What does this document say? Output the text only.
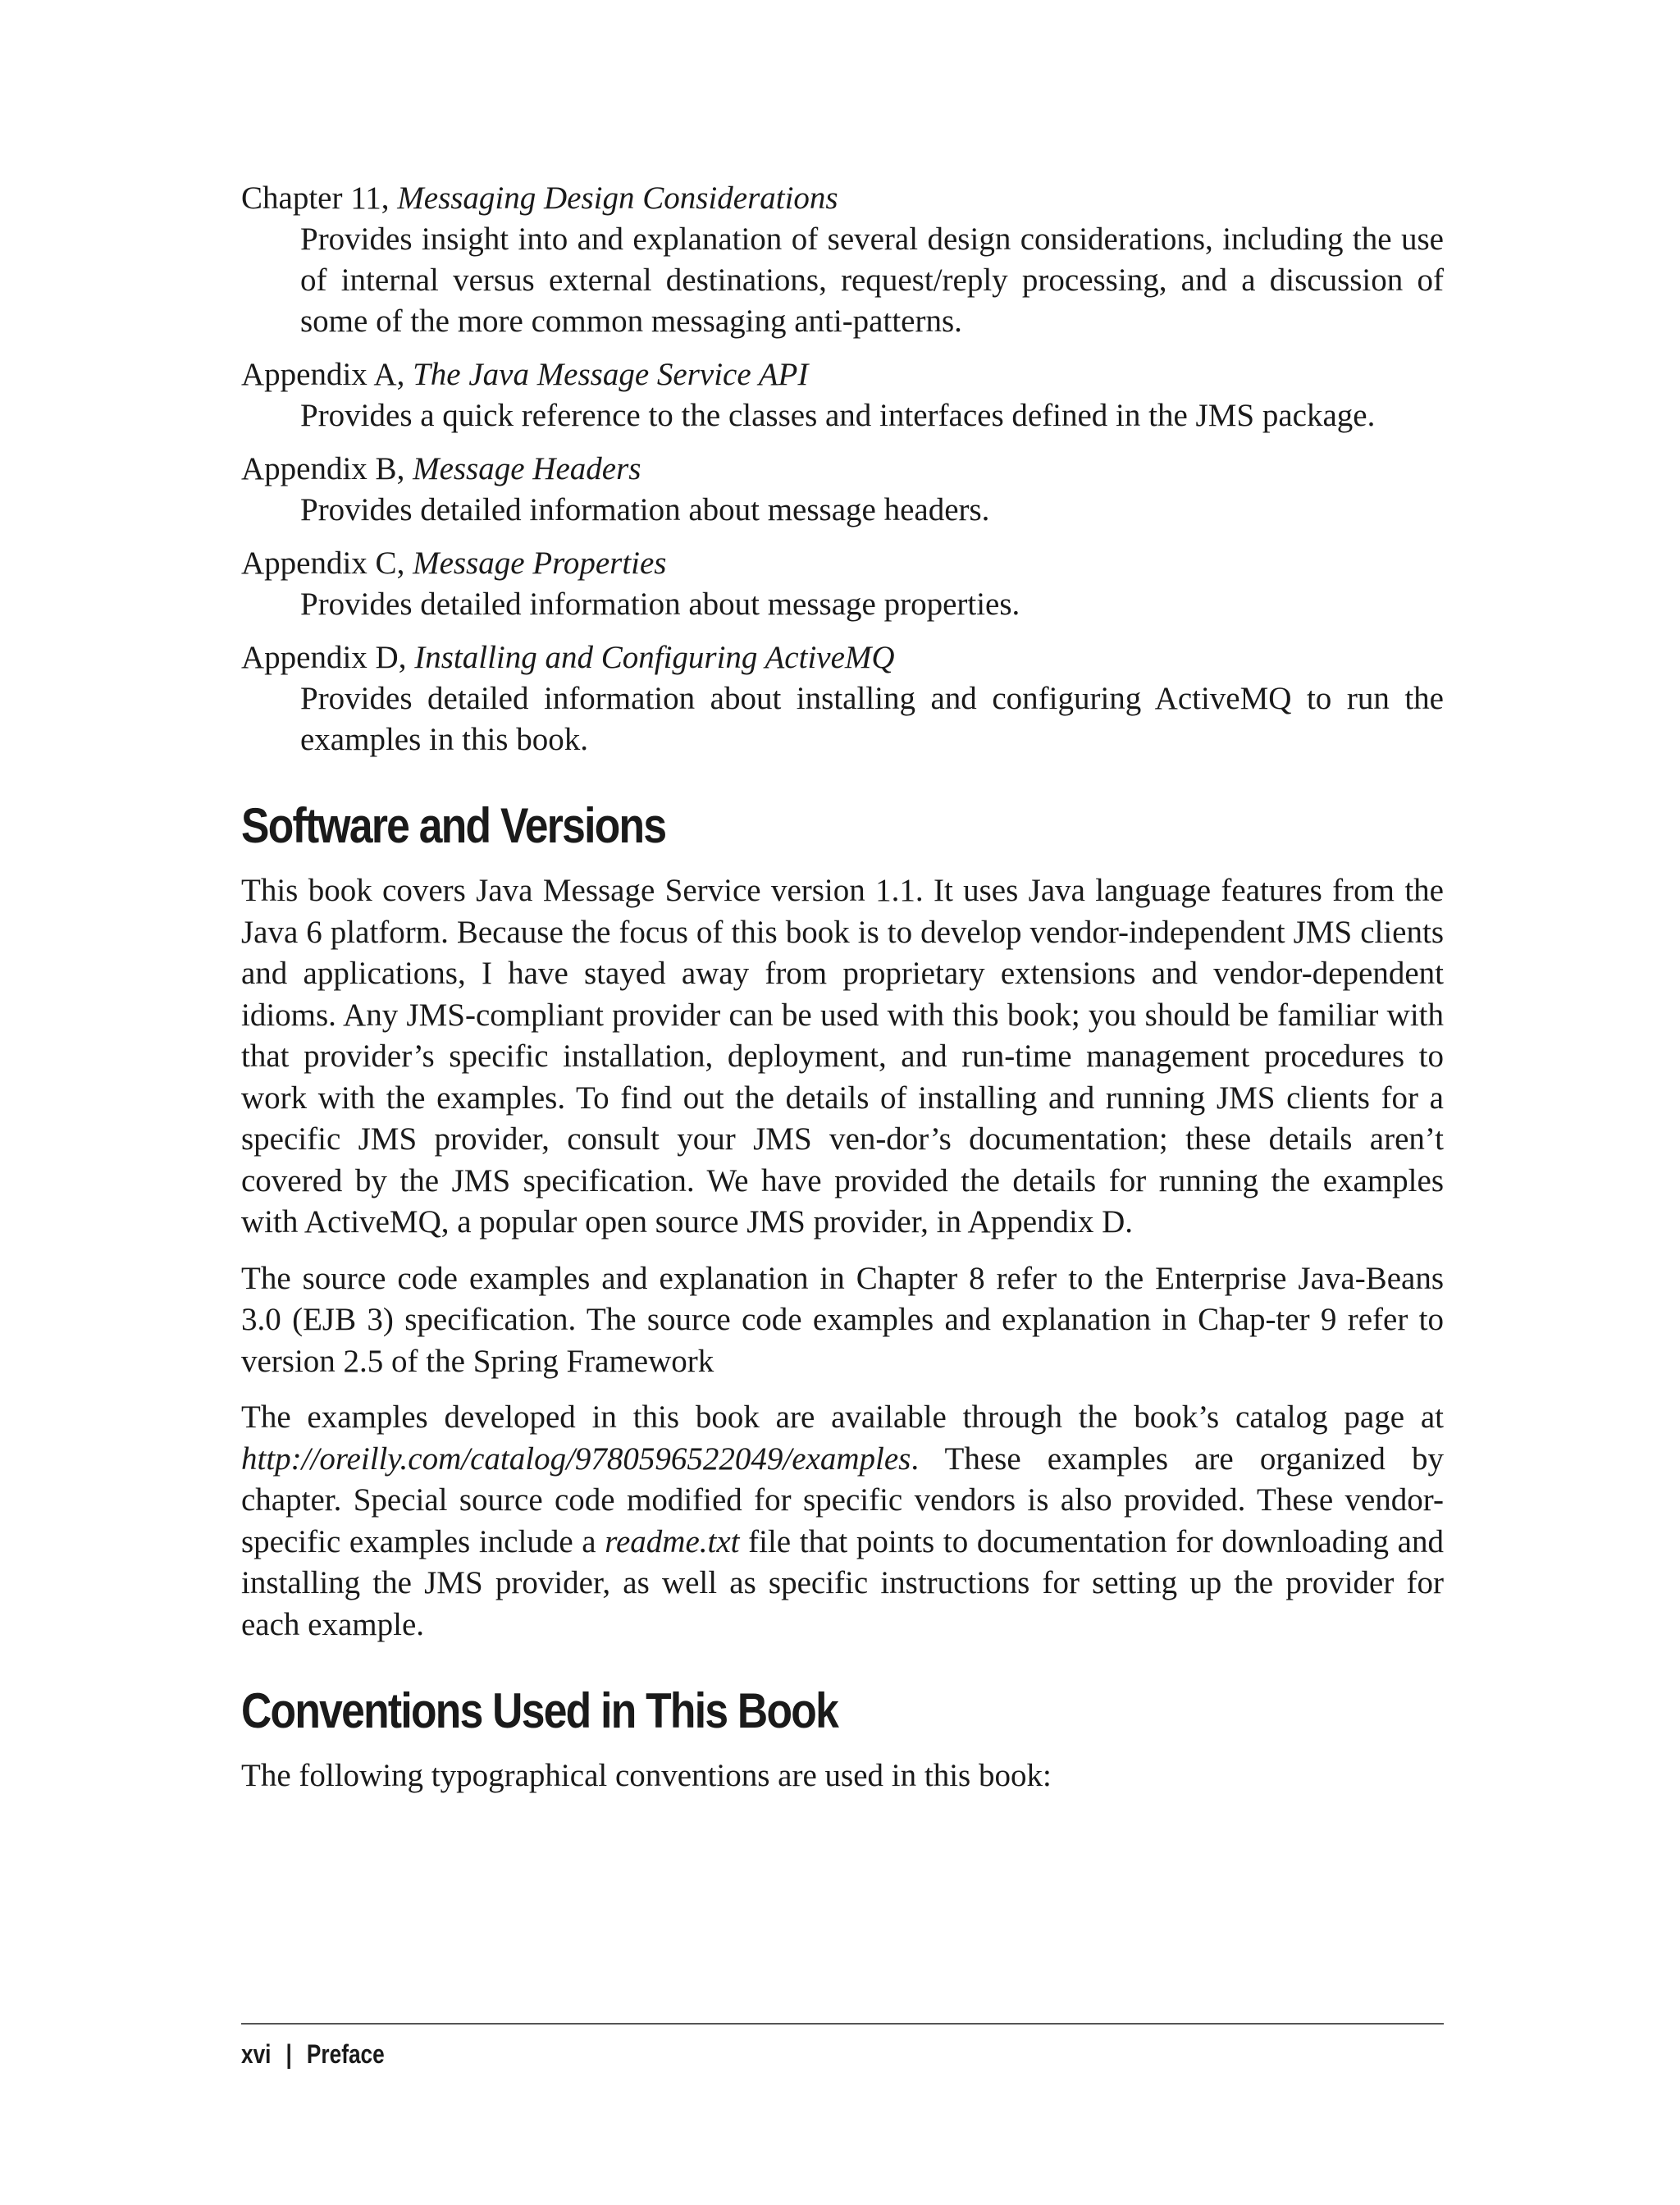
Chapter 11, Messaging Design Considerations
Provides insight into and explanation of several design considerations, including the use of internal versus external destinations, request/reply processing, and a discussion of some of the more common messaging anti-patterns.
Appendix A, The Java Message Service API
Provides a quick reference to the classes and interfaces defined in the JMS package.
Appendix B, Message Headers
Provides detailed information about message headers.
Appendix C, Message Properties
Provides detailed information about message properties.
Appendix D, Installing and Configuring ActiveMQ
Provides detailed information about installing and configuring ActiveMQ to run the examples in this book.
Software and Versions

This book covers Java Message Service version 1.1. It uses Java language features from the Java 6 platform. Because the focus of this book is to develop vendor-independent JMS clients and applications, I have stayed away from proprietary extensions and vendor-dependent idioms. Any JMS-compliant provider can be used with this book; you should be familiar with that provider’s specific installation, deployment, and run-time management procedures to work with the examples. To find out the details of installing and running JMS clients for a specific JMS provider, consult your JMS ven-dor’s documentation; these details aren’t covered by the JMS specification. We have provided the details for running the examples with ActiveMQ, a popular open source JMS provider, in Appendix D.

The source code examples and explanation in Chapter 8 refer to the Enterprise Java-Beans 3.0 (EJB 3) specification. The source code examples and explanation in Chap-ter 9 refer to version 2.5 of the Spring Framework

The examples developed in this book are available through the book’s catalog page at http://oreilly.com/catalog/9780596522049/examples. These examples are organized by chapter. Special source code modified for specific vendors is also provided. These vendor-specific examples include a readme.txt file that points to documentation for downloading and installing the JMS provider, as well as specific instructions for setting up the provider for each example.

Conventions Used in This Book

The following typographical conventions are used in this book:

xvi | Preface
